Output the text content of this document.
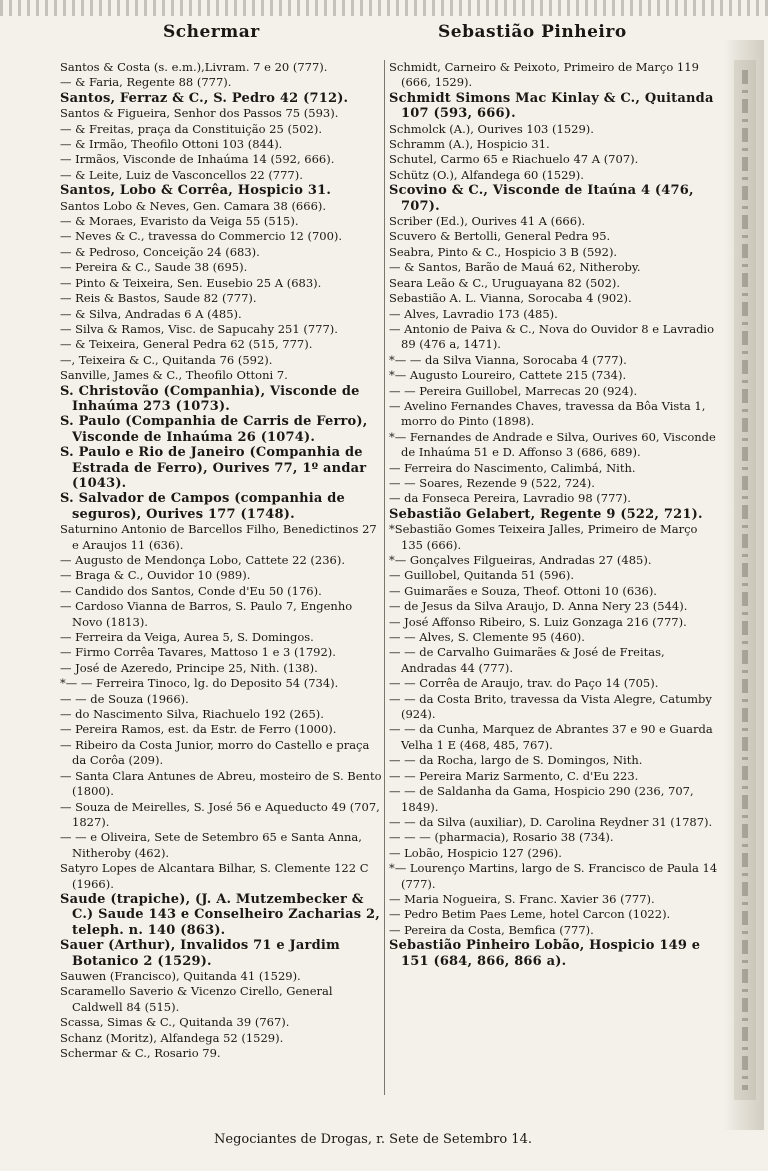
Schermar	Sebastião Pinheiro
Santos & Costa (s. e.m.),Livram. 7 e 20 (777).
— & Faria, Regente 88 (777).
Santos, Ferraz & C., S. Pedro 42 (712).
Santos & Figueira, Senhor dos Passos 75 (593).
— & Freitas, praça da Constituição 25 (502).
— & Irmão, Theofilo Ottoni 103 (844).
— Irmãos, Visconde de Inhaúma 14 (592, 666).
— & Leite, Luiz de Vasconcellos 22 (777).
Santos, Lobo & Corrêa, Hospicio 31.
Santos Lobo & Neves, Gen. Camara 38 (666).
— & Moraes, Evaristo da Veiga 55 (515).
— Neves & C., travessa do Commercio 12 (700).
— & Pedroso, Conceição 24 (683).
— Pereira & C., Saude 38 (695).
— Pinto & Teixeira, Sen. Eusebio 25 A (683).
— Reis & Bastos, Saude 82 (777).
— & Silva, Andradas 6 A (485).
— Silva & Ramos, Visc. de Sapucahy 251 (777).
— & Teixeira, General Pedra 62 (515, 777).
—, Teixeira & C., Quitanda 76 (592).
Sanville, James & C., Theofilo Ottoni 7.
S. Christovão (Companhia), Visconde de Inhaúma 273 (1073).
S. Paulo (Companhia de Carris de Ferro), Visconde de Inhaúma 26 (1074).
S. Paulo e Rio de Janeiro (Companhia de Estrada de Ferro), Ourives 77, 1º andar (1043).
S. Salvador de Campos (companhia de seguros), Ourives 177 (1748).
Saturnino Antonio de Barcellos Filho, Benedictinos 27 e Araujos 11 (636).
— Augusto de Mendonça Lobo, Cattete 22 (236).
— Braga & C., Ouvidor 10 (989).
— Candido dos Santos, Conde d'Eu 50 (176).
— Cardoso Vianna de Barros, S. Paulo 7, Engenho Novo (1813).
— Ferreira da Veiga, Aurea 5, S. Domingos.
— Firmo Corrêa Tavares, Mattoso 1 e 3 (1792).
— José de Azeredo, Principe 25, Nith. (138).
*— — Ferreira Tinoco, lg. do Deposito 54 (734).
— — de Souza (1966).
— do Nascimento Silva, Riachuelo 192 (265).
— Pereira Ramos, est. da Estr. de Ferro (1000).
— Ribeiro da Costa Junior, morro do Castello e praça da Corôa (209).
— Santa Clara Antunes de Abreu, mosteiro de S. Bento (1800).
— Souza de Meirelles, S. José 56 e Aqueducto 49 (707, 1827).
— — e Oliveira, Sete de Setembro 65 e Santa Anna, Nitheroby (462).
Satyro Lopes de Alcantara Bilhar, S. Clemente 122 C (1966).
Saude (trapiche), (J. A. Mutzembecker & C.) Saude 143 e Conselheiro Zacharias 2, teleph. n. 140 (863).
Sauer (Arthur), Invalidos 71 e Jardim Botanico 2 (1529).
Sauwen (Francisco), Quitanda 41 (1529).
Scaramello Saverio & Vicenzo Cirello, General Caldwell 84 (515).
Scassa, Simas & C., Quitanda 39 (767).
Schanz (Moritz), Alfandega 52 (1529).
Schermar & C., Rosario 79.
Schmidt, Carneiro & Peixoto, Primeiro de Março 119 (666, 1529).
Schmidt Simons Mac Kinlay & C., Quitanda 107 (593, 666).
Schmolck (A.), Ourives 103 (1529).
Schramm (A.), Hospicio 31.
Schutel, Carmo 65 e Riachuelo 47 A (707).
Schütz (O.), Alfandega 60 (1529).
Scovino & C., Visconde de Itaúna 4 (476, 707).
Scriber (Ed.), Ourives 41 A (666).
Scuvero & Bertolli, General Pedra 95.
Seabra, Pinto & C., Hospicio 3 B (592).
— & Santos, Barão de Mauá 62, Nitheroby.
Seara Leão & C., Uruguayana 82 (502).
Sebastião A. L. Vianna, Sorocaba 4 (902).
— Alves, Lavradio 173 (485).
— Antonio de Paiva & C., Nova do Ouvidor 8 e Lavradio 89 (476 a, 1471).
*— — da Silva Vianna, Sorocaba 4 (777).
*— Augusto Loureiro, Cattete 215 (734).
— — Pereira Guillobel, Marrecas 20 (924).
— Avelino Fernandes Chaves, travessa da Bôa Vista 1, morro do Pinto (1898).
*— Fernandes de Andrade e Silva, Ourives 60, Visconde de Inhaúma 51 e D. Affonso 3 (686, 689).
— Ferreira do Nascimento, Calimbá, Nith.
— — Soares, Rezende 9 (522, 724).
— da Fonseca Pereira, Lavradio 98 (777).
Sebastião Gelabert, Regente 9 (522, 721).
*Sebastião Gomes Teixeira Jalles, Primeiro de Março 135 (666).
*— Gonçalves Filgueiras, Andradas 27 (485).
— Guillobel, Quitanda 51 (596).
— Guimarães e Souza, Theof. Ottoni 10 (636).
— de Jesus da Silva Araujo, D. Anna Nery 23 (544).
— José Affonso Ribeiro, S. Luiz Gonzaga 216 (777).
— — Alves, S. Clemente 95 (460).
— — de Carvalho Guimarães & José de Freitas, Andradas 44 (777).
— — Corrêa de Araujo, trav. do Paço 14 (705).
— — da Costa Brito, travessa da Vista Alegre, Catumby (924).
— — da Cunha, Marquez de Abrantes 37 e 90 e Guarda Velha 1 E (468, 485, 767).
— — da Rocha, largo de S. Domingos, Nith.
— — Pereira Mariz Sarmento, C. d'Eu 223.
— — de Saldanha da Gama, Hospicio 290 (236, 707, 1849).
— — da Silva (auxiliar), D. Carolina Reydner 31 (1787).
— — — (pharmacia), Rosario 38 (734).
— Lobão, Hospicio 127 (296).
*— Lourenço Martins, largo de S. Francisco de Paula 14 (777).
— Maria Nogueira, S. Franc. Xavier 36 (777).
— Pedro Betim Paes Leme, hotel Carcon (1022).
— Pereira da Costa, Bemfica (777).
Sebastião Pinheiro Lobão, Hospicio 149 e 151 (684, 866, 866 a).
Negociantes de Drogas, r. Sete de Setembro 14.
